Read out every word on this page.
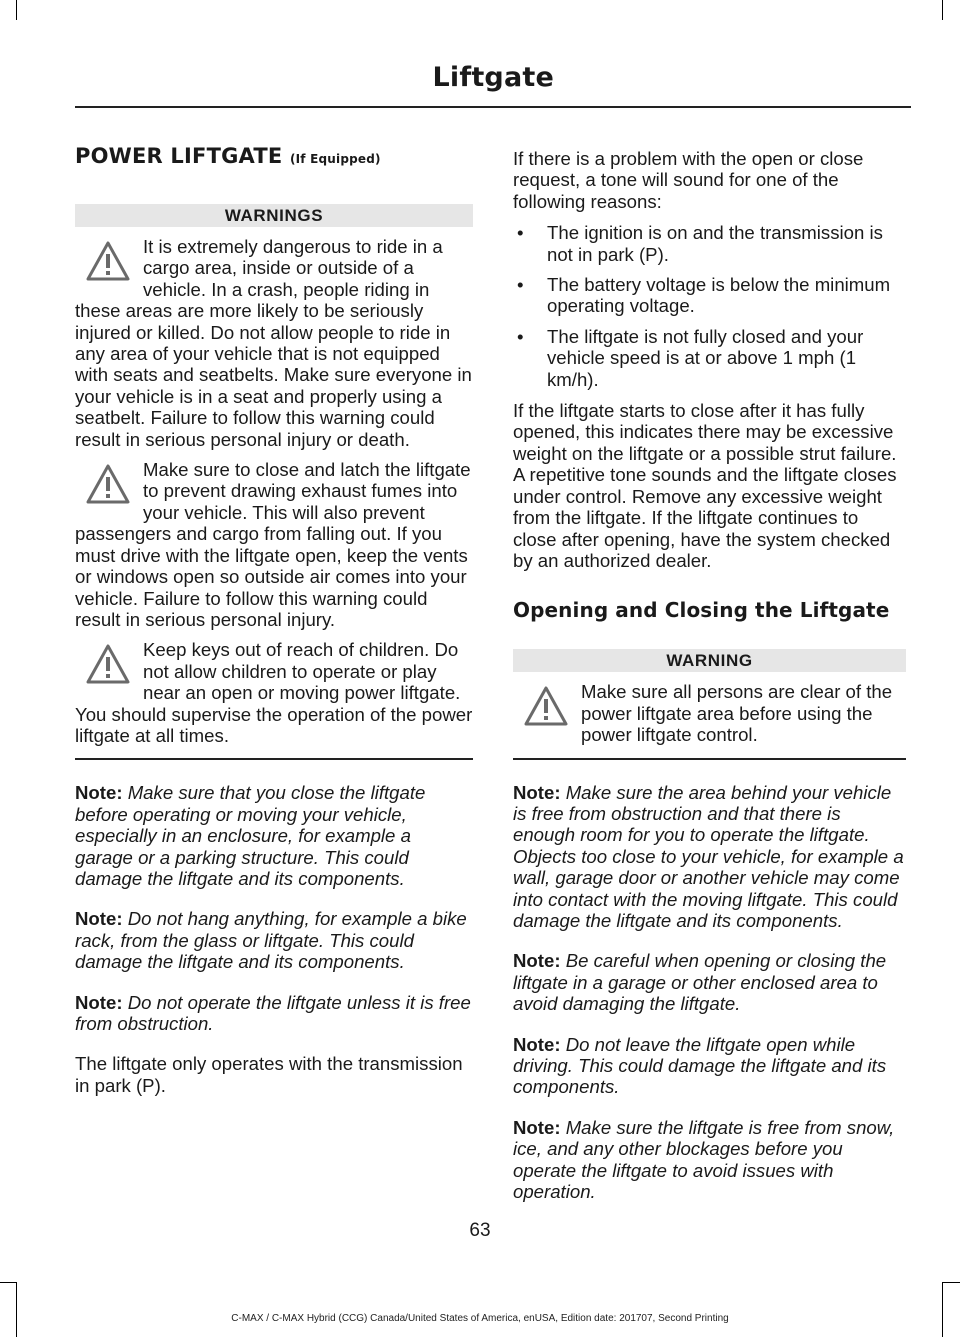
Liftgate
POWER LIFTGATE (If Equipped)
WARNINGS

It is extremely dangerous to ride in a cargo area, inside or outside of a vehicle. In a crash, people riding in these areas are more likely to be seriously injured or killed. Do not allow people to ride in any area of your vehicle that is not equipped with seats and seatbelts. Make sure everyone in your vehicle is in a seat and properly using a seatbelt. Failure to follow this warning could result in serious personal injury or death.

Make sure to close and latch the liftgate to prevent drawing exhaust fumes into your vehicle. This will also prevent passengers and cargo from falling out. If you must drive with the liftgate open, keep the vents or windows open so outside air comes into your vehicle. Failure to follow this warning could result in serious personal injury.

Keep keys out of reach of children. Do not allow children to operate or play near an open or moving power liftgate. You should supervise the operation of the power liftgate at all times.

Note: Make sure that you close the liftgate before operating or moving your vehicle, especially in an enclosure, for example a garage or a parking structure. This could damage the liftgate and its components.

Note: Do not hang anything, for example a bike rack, from the glass or liftgate. This could damage the liftgate and its components.

Note: Do not operate the liftgate unless it is free from obstruction.

The liftgate only operates with the transmission in park (P).

If there is a problem with the open or close request, a tone will sound for one of the following reasons:

• The ignition is on and the transmission is not in park (P).
• The battery voltage is below the minimum operating voltage.
• The liftgate is not fully closed and your vehicle speed is at or above 1 mph (1 km/h).

If the liftgate starts to close after it has fully opened, this indicates there may be excessive weight on the liftgate or a possible strut failure. A repetitive tone sounds and the liftgate closes under control. Remove any excessive weight from the liftgate. If the liftgate continues to close after opening, have the system checked by an authorized dealer.

Opening and Closing the Liftgate
WARNING

Make sure all persons are clear of the power liftgate area before using the power liftgate control.

Note: Make sure the area behind your vehicle is free from obstruction and that there is enough room for you to operate the liftgate. Objects too close to your vehicle, for example a wall, garage door or another vehicle may come into contact with the moving liftgate. This could damage the liftgate and its components.

Note: Be careful when opening or closing the liftgate in a garage or other enclosed area to avoid damaging the liftgate.

Note: Do not leave the liftgate open while driving. This could damage the liftgate and its components.

Note: Make sure the liftgate is free from snow, ice, and any other blockages before you operate the liftgate to avoid issues with operation.

63
C-MAX / C-MAX Hybrid (CCG) Canada/United States of America, enUSA, Edition date: 201707, Second Printing
